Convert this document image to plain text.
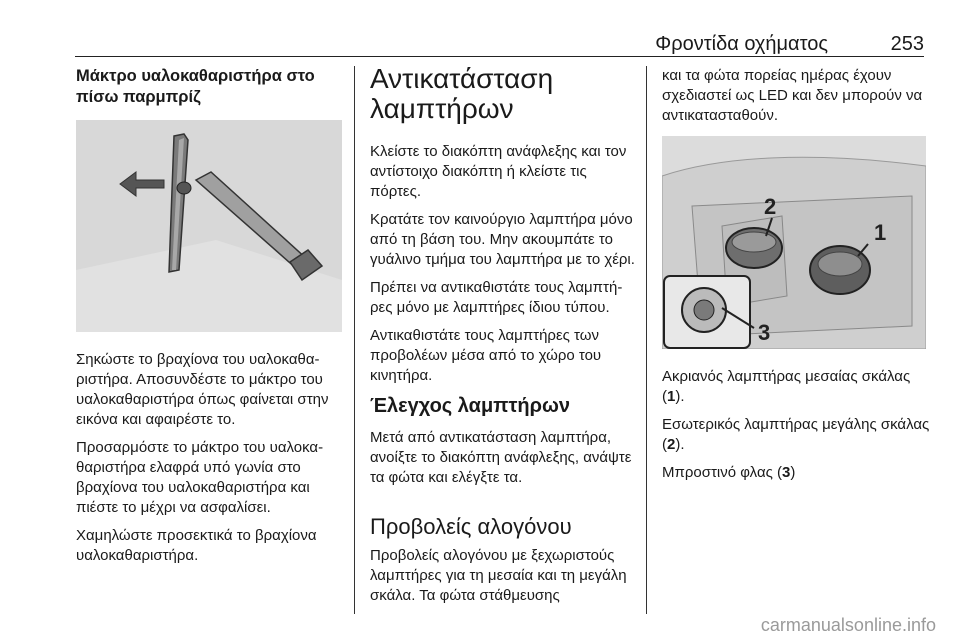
Φροντίδα οχήματος	253
Μάκτρο υαλοκαθαριστήρα στο πίσω παρμπρίζ

Σηκώστε το βραχίονα του υαλοκαθαριστήρα. Αποσυνδέστε το μάκτρο του υαλοκαθαριστήρα όπως φαίνεται στην εικόνα και αφαιρέστε το.

Προσαρμόστε το μάκτρο του υαλοκαθαριστήρα ελαφρά υπό γωνία στο βραχίονα του υαλοκαθαριστήρα και πιέστε το μέχρι να ασφαλίσει.

Χαμηλώστε προσεκτικά το βραχίονα υαλοκαθαριστήρα.

Αντικατάσταση λαμπτήρων

Κλείστε το διακόπτη ανάφλεξης και τον αντίστοιχο διακόπτη ή κλείστε τις πόρτες.

Κρατάτε τον καινούργιο λαμπτήρα μόνο από τη βάση του. Μην ακουμπάτε το γυάλινο τμήμα του λαμπτήρα με το χέρι.

Πρέπει να αντικαθιστάτε τους λαμπτήρες μόνο με λαμπτήρες ίδιου τύπου.

Αντικαθιστάτε τους λαμπτήρες των προβολέων μέσα από το χώρο του κινητήρα.

Έλεγχος λαμπτήρων

Μετά από αντικατάσταση λαμπτήρα, ανοίξτε το διακόπτη ανάφλεξης, ανάψτε τα φώτα και ελέγξτε τα.

Προβολείς αλογόνου

Προβολείς αλογόνου με ξεχωριστούς λαμπτήρες για τη μεσαία και τη μεγάλη σκάλα. Τα φώτα στάθμευσης

και τα φώτα πορείας ημέρας έχουν σχεδιαστεί ως LED και δεν μπορούν να αντικατασταθούν.

1
2
3

Ακριανός λαμπτήρας μεσαίας σκάλας (1).

Εσωτερικός λαμπτήρας μεγάλης σκάλας (2).

Μπροστινό φλας (3)

carmanualsonline.info
